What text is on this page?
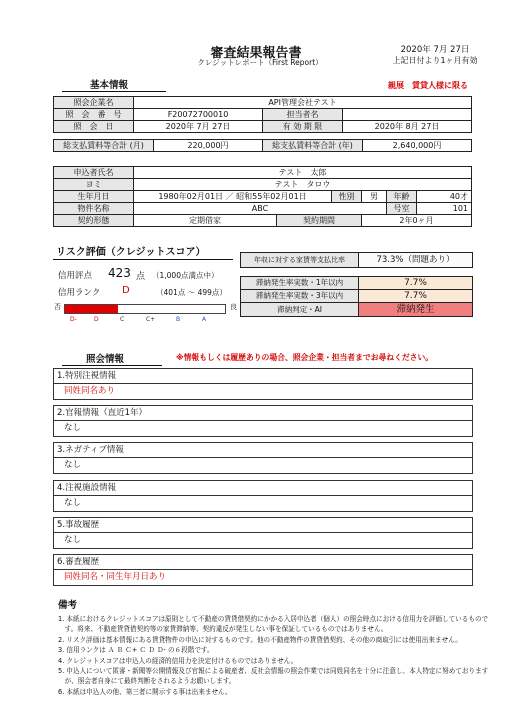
審査結果報告書
クレジットレポート（First Report）
2020年 7月 27日
上記日付より1ヶ月有効
基本情報	親展　賃貸人様に限る
照会企業名	API管理会社テスト		
照　会　番　号	F20072700010	担当者名	
照　会　日	2020年 7月 27日	有 効 期 限	2020年 8月 27日
総支払賃料等合計 (月)	220,000円	総支払賃料等合計 (年)	2,640,000円
申込者氏名	テスト　太郎					
ヨミ	テスト　タロウ					
生年月日	1980年02月01日 ／ 昭和55年02月01日		性別	男	年齢	40才
物件名称	ABC				号室	101
契約形態	定期借家	契約期間		2年0ヶ月		
リスク評価（クレジットスコア）
信用評点 423 点 （1,000点満点中）
信用ランク D	（401点 ～ 499点）
否	良
D-	D	C	C+	B	A
年収に対する家賃等支払比率	73.3%（問題あり）
滞納発生率実数・1年以内	7.7%
滞納発生率実数・3年以内	7.7%
滞納判定・AI	滞納発生
照会情報	※情報もしくは履歴ありの場合、照会企業・担当者までお尋ねください。
1.特別注視情報
同姓同名あり
2.官報情報（直近1年）
なし
3.ネガティブ情報
なし
4.注視施設情報
なし
5.事故履歴
なし
6.審査履歴
同姓同名・同生年月日あり
備考
1. 本紙におけるクレジットスコアは原則として不動産の賃貸借契約にかかる入居申込者（個人）の照会時点における信用力を評価しているもので
　す。将来、不動産賃貸借契約等の家賃滞納等、契約違反が発生しない事を保証しているものではありません。
2. リスク評価は基本情報にある賃貸物件の申込に対するものです。他の不動産物件の賃貸借契約、その他の商取引には使用出来ません。
3. 信用ランクは Ａ Ｂ Ｃ+ Ｃ Ｄ Ｄ- の６段階です。
4. クレジットスコアは申込人の経済的信用力を決定付けるものではありません。
5. 申込人について匿審・新聞等公開情報及び官報による破産者、反社会情報の照会作業では同姓同名を十分に注意し、本人特定に努めております
　が、照会者自身にて最終判断をされるようお願いします。
6. 本紙は申込人の他、第三者に開示する事は出来ません。
